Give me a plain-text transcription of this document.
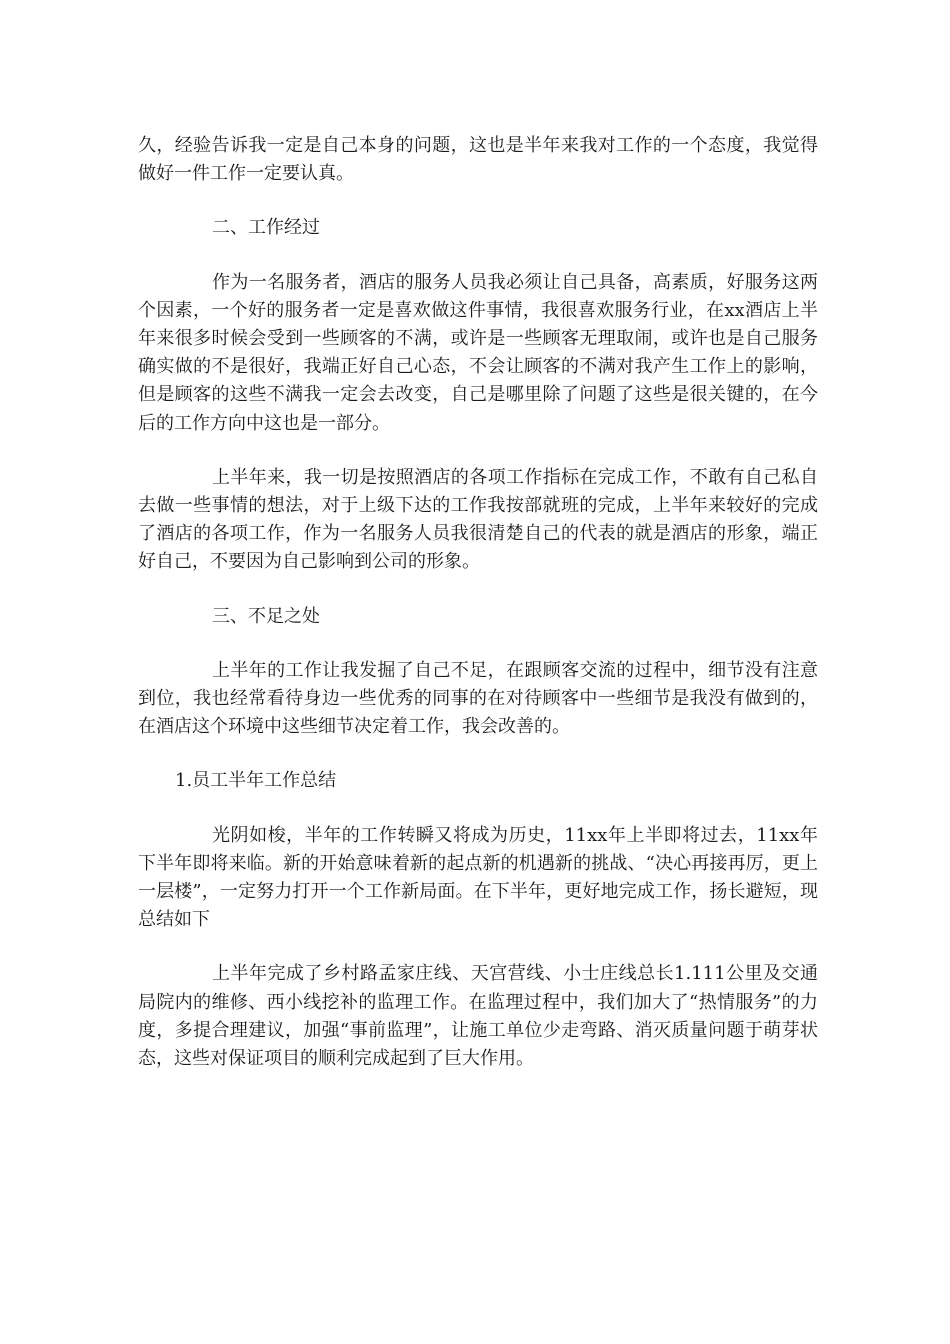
久，经验告诉我一定是自己本身的问题，这也是半年来我对工作的一个态度，我觉得做好一件工作一定要认真。

二、工作经过

作为一名服务者，酒店的服务人员我必须让自己具备，高素质，好服务这两个因素，一个好的服务者一定是喜欢做这件事情，我很喜欢服务行业，在xx酒店上半年来很多时候会受到一些顾客的不满，或许是一些顾客无理取闹，或许也是自己服务确实做的不是很好，我端正好自己心态，不会让顾客的不满对我产生工作上的影响，但是顾客的这些不满我一定会去改变，自己是哪里除了问题了这些是很关键的，在今后的工作方向中这也是一部分。

上半年来，我一切是按照酒店的各项工作指标在完成工作，不敢有自己私自去做一些事情的想法，对于上级下达的工作我按部就班的完成，上半年来较好的完成了酒店的各项工作，作为一名服务人员我很清楚自己的代表的就是酒店的形象，端正好自己，不要因为自己影响到公司的形象。

三、不足之处

上半年的工作让我发掘了自己不足，在跟顾客交流的过程中，细节没有注意到位，我也经常看待身边一些优秀的同事的在对待顾客中一些细节是我没有做到的，在酒店这个环境中这些细节决定着工作，我会改善的。

1.员工半年工作总结

光阴如梭，半年的工作转瞬又将成为历史，11xx年上半即将过去，11xx年下半年即将来临。新的开始意味着新的起点新的机遇新的挑战、“决心再接再厉，更上一层楼”，一定努力打开一个工作新局面。在下半年，更好地完成工作，扬长避短，现总结如下

上半年完成了乡村路孟家庄线、天宫营线、小士庄线总长1.111公里及交通局院内的维修、西小线挖补的监理工作。在监理过程中，我们加大了“热情服务”的力度，多提合理建议，加强“事前监理”，让施工单位少走弯路、消灭质量问题于萌芽状态，这些对保证项目的顺利完成起到了巨大作用。
